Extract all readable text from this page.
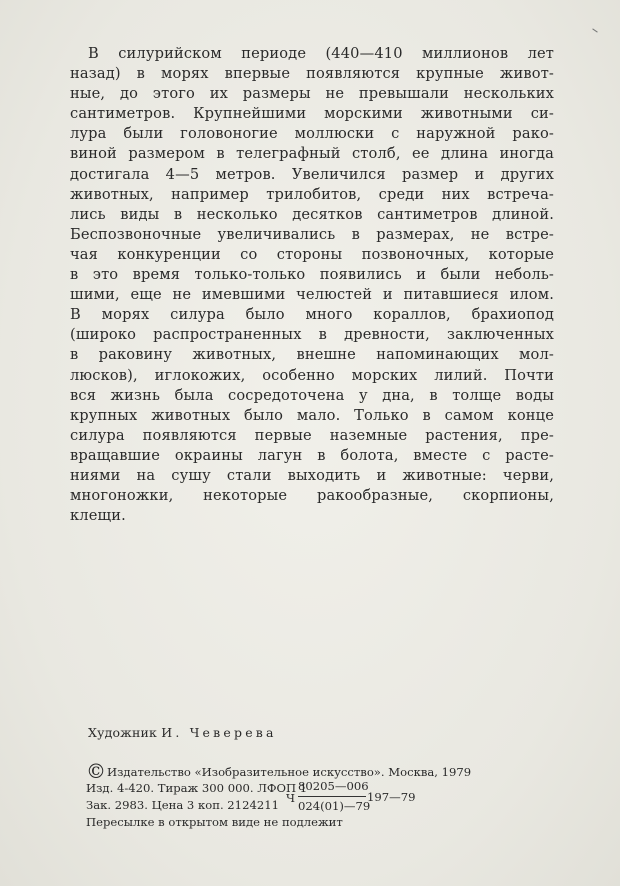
В силурийском периоде (440—410 миллионов лет
назад) в морях впервые появляются крупные живот-
ные, до этого их размеры не превышали нескольких
сантиметров. Крупнейшими морскими животными си-
лура были головоногие моллюски с наружной рако-
виной размером в телеграфный столб, ее длина иногда
достигала 4—5 метров. Увеличился размер и других
животных, например трилобитов, среди них встреча-
лись виды в несколько десятков сантиметров длиной.
Беспозвоночные увеличивались в размерах, не встре-
чая конкуренции со стороны позвоночных, которые
в это время только-только появились и были неболь-
шими, еще не имевшими челюстей и питавшиеся илом.
В морях силура было много кораллов, брахиопод
(широко распространенных в древности, заключенных
в раковину животных, внешне напоминающих мол-
люсков), иглокожих, особенно морских лилий. Почти
вся жизнь была сосредоточена у дна, в толще воды
крупных животных было мало. Только в самом конце
силура появляются первые наземные растения, пре-
вращавшие окраины лагун в болота, вместе с расте-
ниями на сушу стали выходить и животные: черви,
многоножки, некоторые ракообразные, скорпионы,
клещи.
Художник И. Чеверева
©Издательство «Изобразительное искусство». Москва, 1979
Изд. 4-420. Тираж 300 000. ЛФОП 1
Зак. 2983. Цена 3 коп. 2124211
Пересылке в открытом виде не подлежит
Ч
80205—006
024(01)—79
197—79
